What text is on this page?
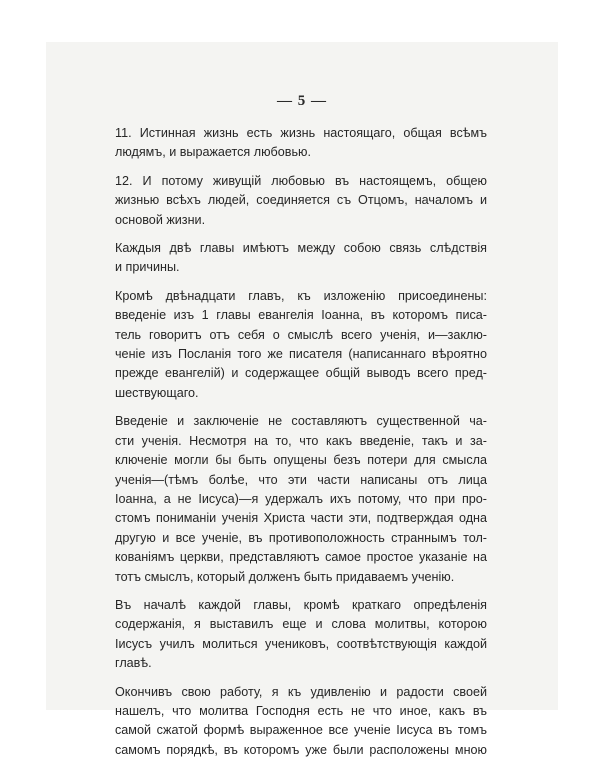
— 5 —

11. Истинная жизнь есть жизнь настоящаго, общая всѣмъ
людямъ, и выражается любовью.

12. И потому живущій любовью въ настоящемъ, общею
жизнью всѣхъ людей, соединяется съ Отцомъ, началомъ и
основой жизни.

Каждыя двѣ главы имѣютъ между собою связь слѣдствія
и причины.

Кромѣ двѣнадцати главъ, къ изложенію присоединены:
введеніе изъ 1 главы евангелія Іоанна, въ которомъ писа-
тель говоритъ отъ себя о смыслѣ всего ученія, и—заклю-
ченіе изъ Посланія того же писателя (написаннаго вѣроятно
прежде евангелій) и содержащее общій выводъ всего пред-
шествующаго.

Введеніе и заключеніе не составляютъ существенной ча-
сти ученія. Несмотря на то, что какъ введеніе, такъ и за-
ключеніе могли бы быть опущены безъ потери для смысла
ученія—(тѣмъ болѣе, что эти части написаны отъ лица
Іоанна, а не Іисуса)—я удержалъ ихъ потому, что при про-
стомъ пониманіи ученія Христа части эти, подтверждая одна
другую и все ученіе, въ противоположность страннымъ тол-
кованіямъ церкви, представляютъ самое простое указаніе на
тотъ смыслъ, который долженъ быть придаваемъ ученію.

Въ началѣ каждой главы, кромѣ краткаго опредѣленія
содержанія, я выставилъ еще и слова молитвы, которою
Іисусъ училъ молиться учениковъ, соотвѣтствующія каждой
главѣ.

Окончивъ свою работу, я къ удивленію и радости своей
нашелъ, что молитва Господня есть не что иное, какъ въ
самой сжатой формѣ выраженное все ученіе Іисуса въ томъ
самомъ порядкѣ, въ которомъ уже были расположены мною
